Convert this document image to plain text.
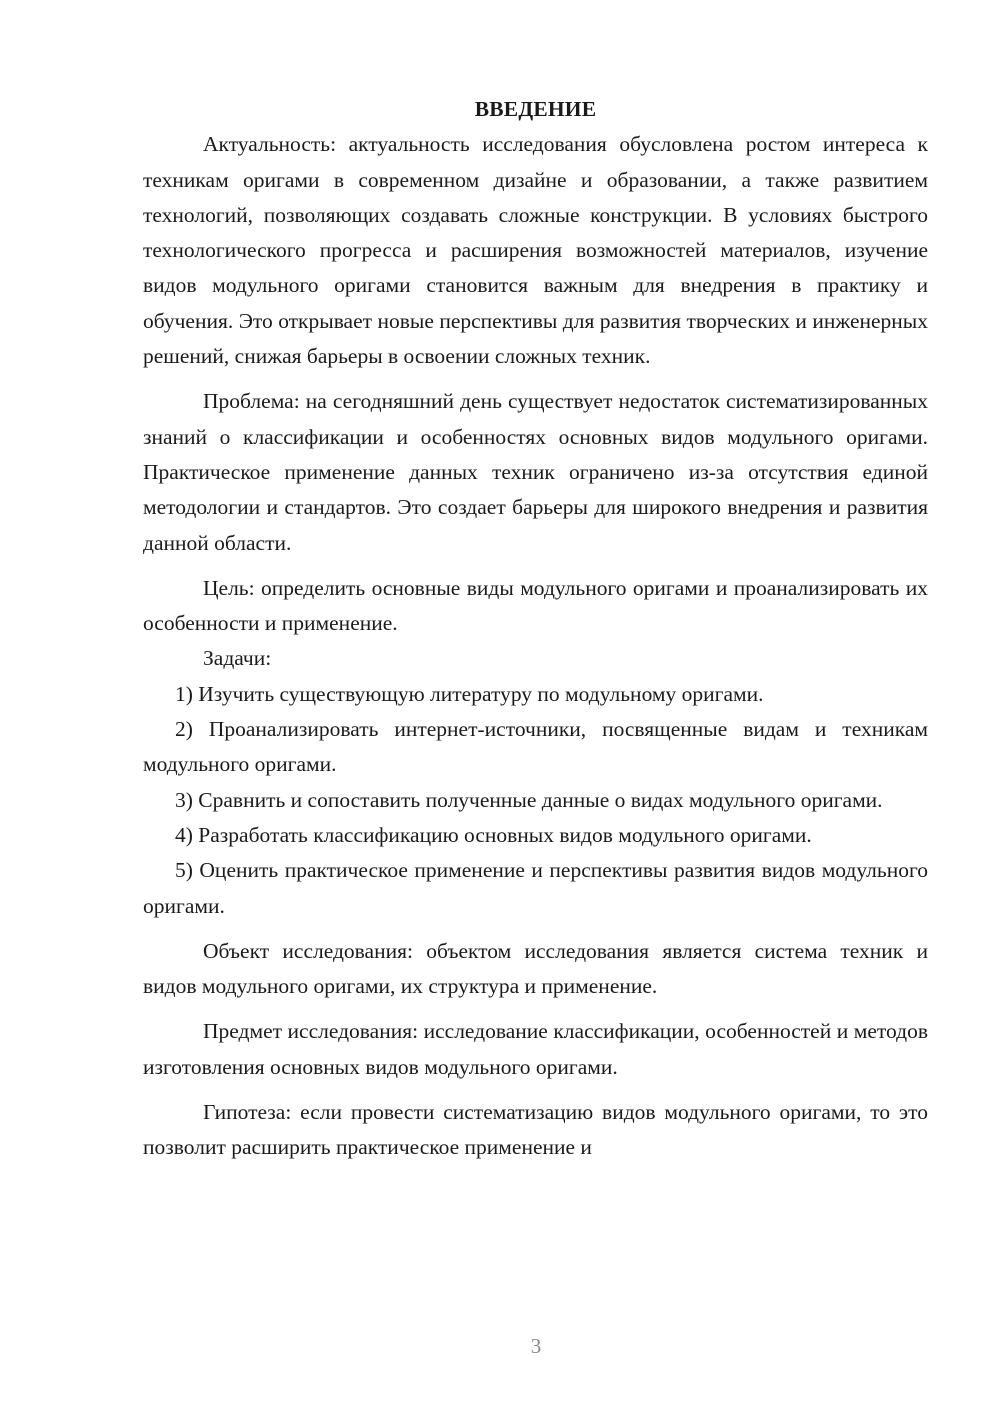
ВВЕДЕНИЕ

Актуальность: актуальность исследования обусловлена ростом интереса к техникам оригами в современном дизайне и образовании, а также развитием технологий, позволяющих создавать сложные конструкции. В условиях быстрого технологического прогресса и расширения возможностей материалов, изучение видов модульного оригами становится важным для внедрения в практику и обучения. Это открывает новые перспективы для развития творческих и инженерных решений, снижая барьеры в освоении сложных техник.

Проблема: на сегодняшний день существует недостаток систематизированных знаний о классификации и особенностях основных видов модульного оригами. Практическое применение данных техник ограничено из-за отсутствия единой методологии и стандартов. Это создает барьеры для широкого внедрения и развития данной области.

Цель: определить основные виды модульного оригами и проанализировать их особенности и применение.

Задачи:

1) Изучить существующую литературу по модульному оригами.

2) Проанализировать интернет-источники, посвященные видам и техникам модульного оригами.

3) Сравнить и сопоставить полученные данные о видах модульного оригами.

4) Разработать классификацию основных видов модульного оригами.

5) Оценить практическое применение и перспективы развития видов модульного оригами.

Объект исследования: объектом исследования является система техник и видов модульного оригами, их структура и применение.

Предмет исследования: исследование классификации, особенностей и методов изготовления основных видов модульного оригами.

Гипотеза: если провести систематизацию видов модульного оригами, то это позволит расширить практическое применение и

3
